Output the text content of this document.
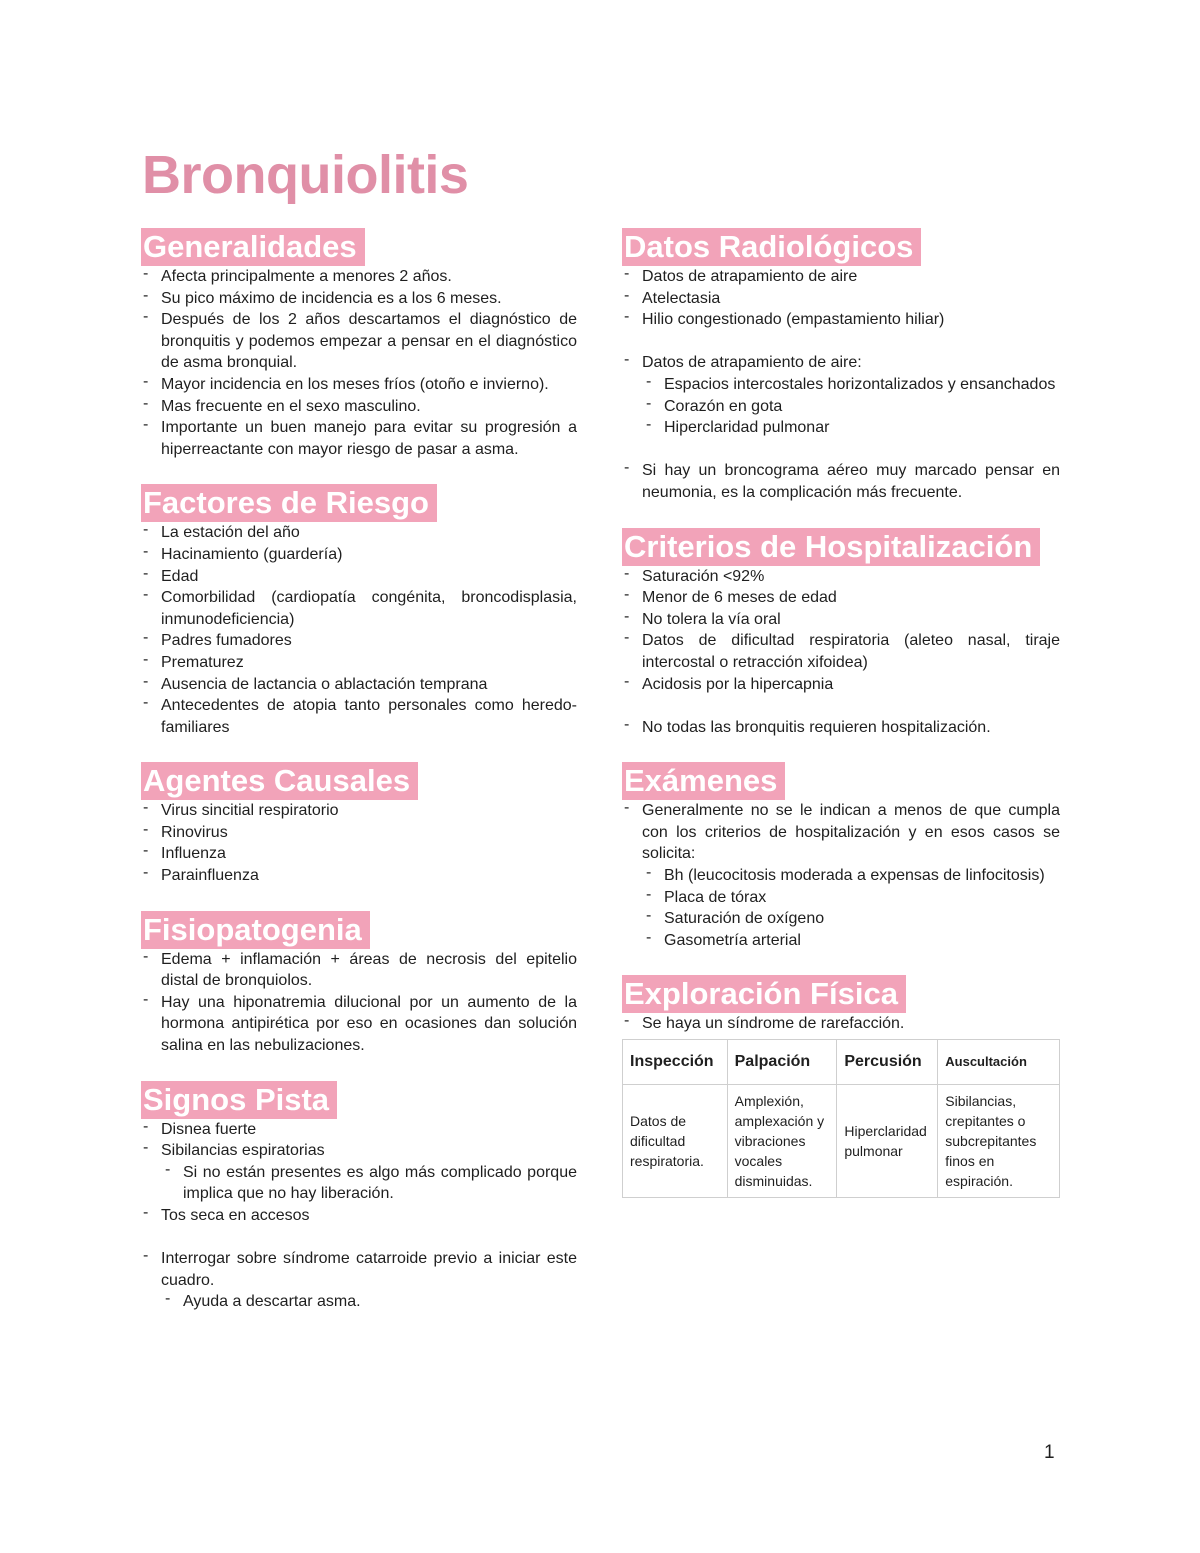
Bronquiolitis
Generalidades
- Afecta principalmente a menores 2 años.
- Su pico máximo de incidencia es a los 6 meses.
- Después de los 2 años descartamos el diagnóstico de bronquitis y podemos empezar a pensar en el diagnóstico de asma bronquial.
- Mayor incidencia en los meses fríos (otoño e invierno).
- Mas frecuente en el sexo masculino.
- Importante un buen manejo para evitar su progresión a hiperreactante con mayor riesgo de pasar a asma.
Factores de Riesgo
- La estación del año
- Hacinamiento (guardería)
- Edad
- Comorbilidad (cardiopatía congénita, broncodisplasia, inmunodeficiencia)
- Padres fumadores
- Prematurez
- Ausencia de lactancia o ablactación temprana
- Antecedentes de atopia tanto personales como heredo-familiares
Agentes Causales
- Virus sincitial respiratorio
- Rinovirus
- Influenza
- Parainfluenza
Fisiopatogenia
- Edema + inflamación + áreas de necrosis del epitelio distal de bronquiolos.
- Hay una hiponatremia dilucional por un aumento de la hormona antipirética por eso en ocasiones dan solución salina en las nebulizaciones.
Signos Pista
- Disnea fuerte
- Sibilancias espiratorias
- Si no están presentes es algo más complicado porque implica que no hay liberación.
- Tos seca en accesos
- Interrogar sobre síndrome catarroide previo a iniciar este cuadro.
- Ayuda a descartar asma.
Datos Radiológicos
- Datos de atrapamiento de aire
- Atelectasia
- Hilio congestionado (empastamiento hiliar)
- Datos de atrapamiento de aire:
- Espacios intercostales horizontalizados y ensanchados
- Corazón en gota
- Hiperclaridad pulmonar
- Si hay un broncograma aéreo muy marcado pensar en neumonia, es la complicación más frecuente.
Criterios de Hospitalización
- Saturación <92%
- Menor de 6 meses de edad
- No tolera la vía oral
- Datos de dificultad respiratoria (aleteo nasal, tiraje intercostal o retracción xifoidea)
- Acidosis por la hipercapnia
- No todas las bronquitis requieren hospitalización.
Exámenes
- Generalmente no se le indican a menos de que cumpla con los criterios de hospitalización y en esos casos se solicita:
- Bh (leucocitosis moderada a expensas de linfocitosis)
- Placa de tórax
- Saturación de oxígeno
- Gasometría arterial
Exploración Física
- Se haya un síndrome de rarefacción.
Inspección	Palpación	Percusión	Auscultación
Datos de dificultad respiratoria.	Amplexión, amplexación y vibraciones vocales disminuidas.	Hiperclaridad pulmonar	Sibilancias, crepitantes o subcrepitantes finos en espiración.
1
